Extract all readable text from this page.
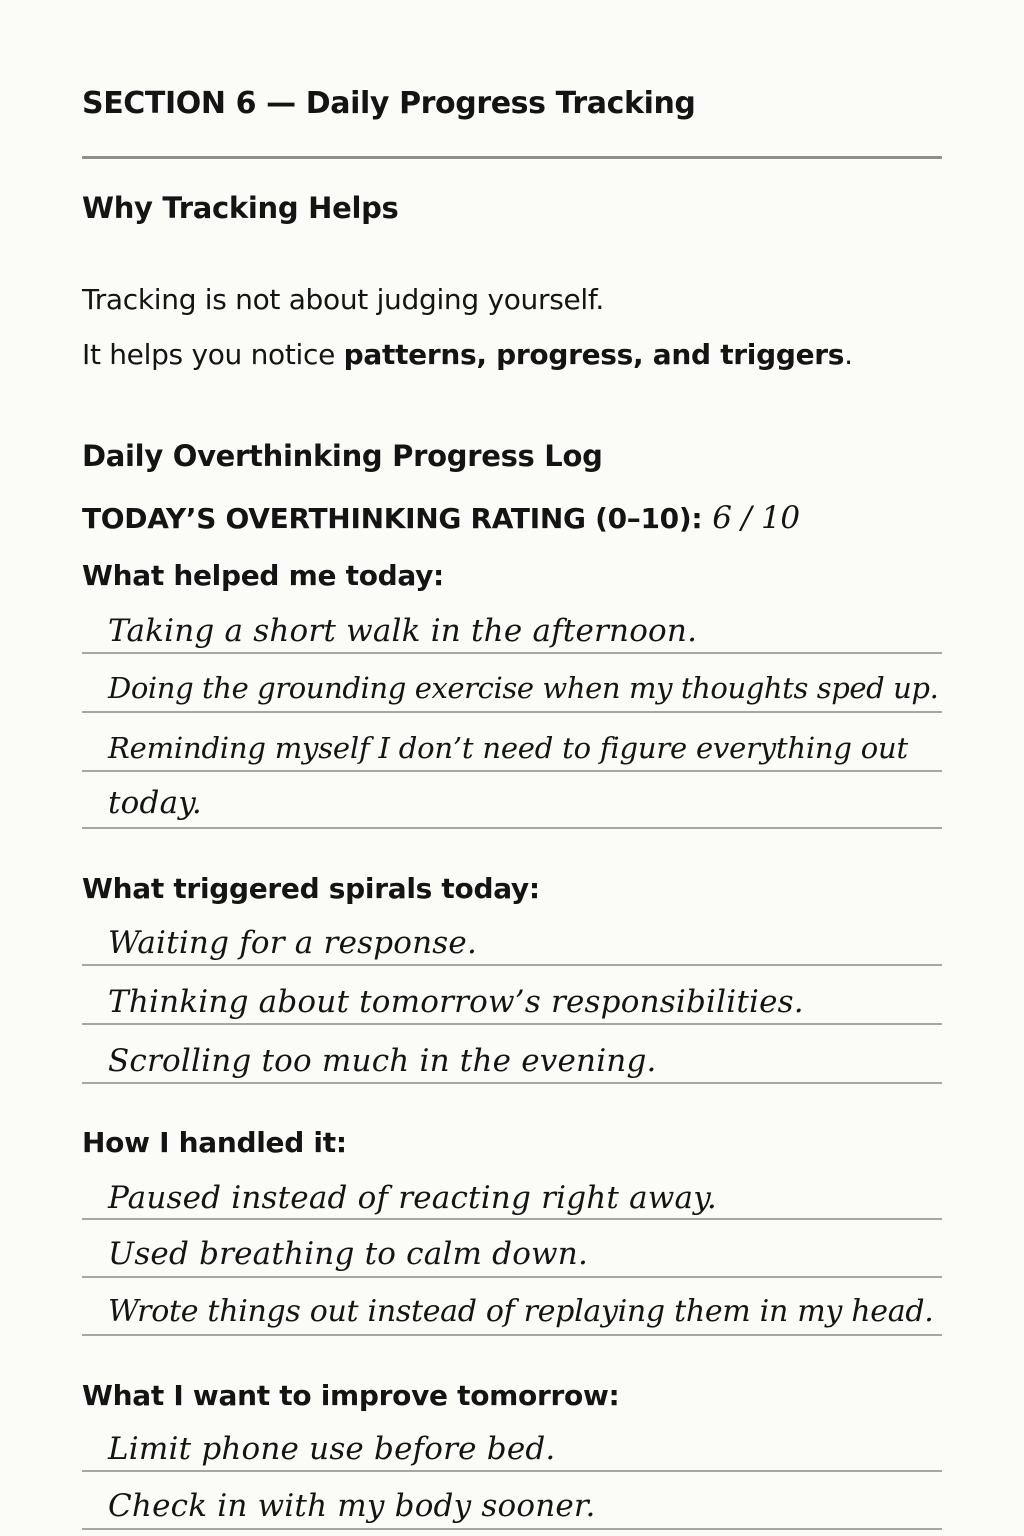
SECTION 6 — Daily Progress Tracking
Why Tracking Helps
Tracking is not about judging yourself.
It helps you notice patterns, progress, and triggers.
Daily Overthinking Progress Log
TODAY’S OVERTHINKING RATING (0–10): 6 / 10
What helped me today:
Taking a short walk in the afternoon.
Doing the grounding exercise when my thoughts sped up.
Reminding myself I don’t need to figure everything out
today.
What triggered spirals today:
Waiting for a response.
Thinking about tomorrow’s responsibilities.
Scrolling too much in the evening.
How I handled it:
Paused instead of reacting right away.
Used breathing to calm down.
Wrote things out instead of replaying them in my head.
What I want to improve tomorrow:
Limit phone use before bed.
Check in with my body sooner.
